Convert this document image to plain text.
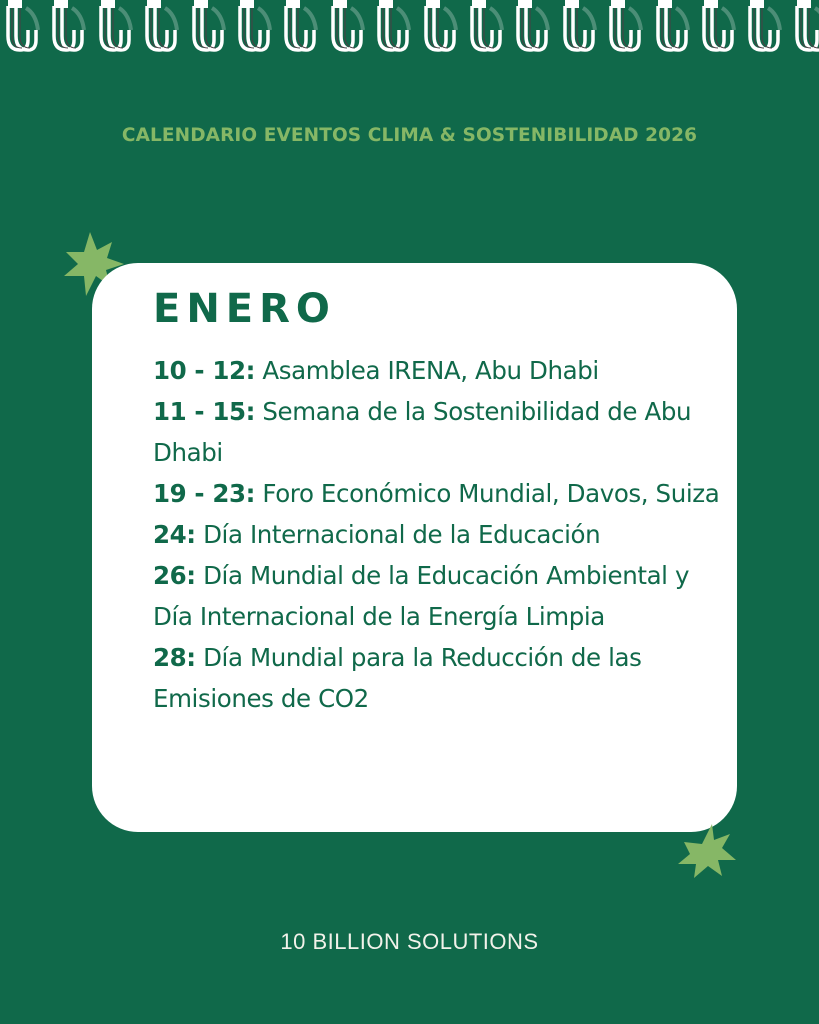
CALENDARIO EVENTOS CLIMA & SOSTENIBILIDAD 2026
ENERO
10 - 12: Asamblea IRENA, Abu Dhabi
11 - 15: Semana de la Sostenibilidad de Abu Dhabi
19 - 23: Foro Económico Mundial, Davos, Suiza
24: Día Internacional de la Educación
26: Día Mundial de la Educación Ambiental y Día Internacional de la Energía Limpia
28: Día Mundial para la Reducción de las Emisiones de CO2
10 BILLION SOLUTIONS
